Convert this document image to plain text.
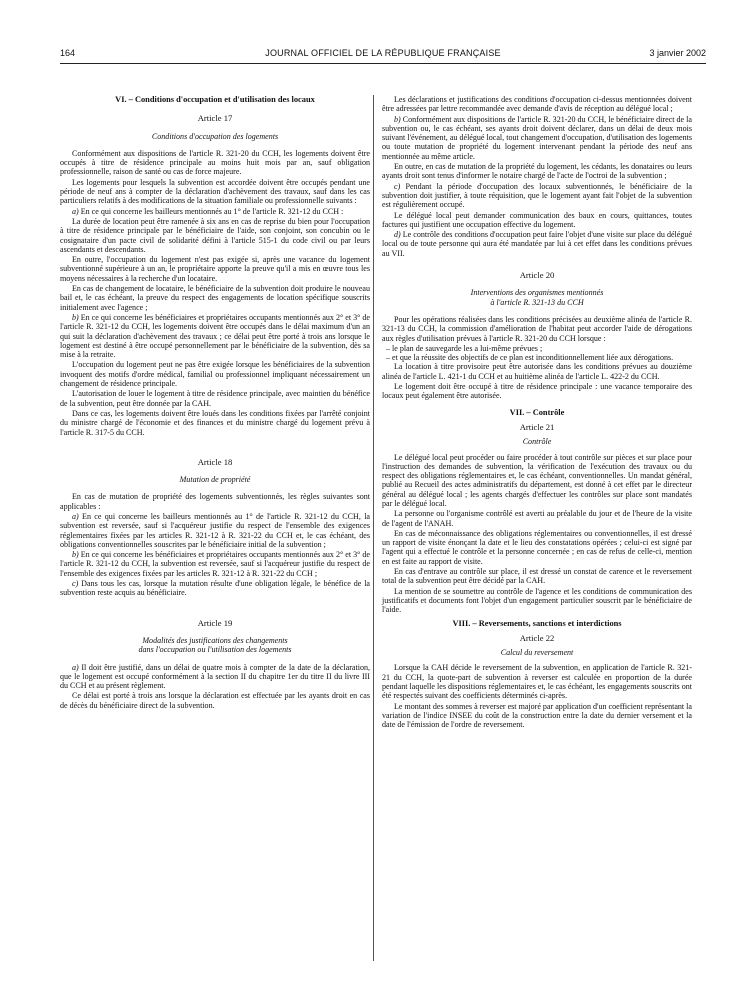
164	JOURNAL OFFICIEL DE LA RÉPUBLIQUE FRANÇAISE	3 janvier 2002
VI. – Conditions d'occupation et d'utilisation des locaux
Article 17
Conditions d'occupation des logements

Conformément aux dispositions de l'article R. 321-20 du CCH, les logements doivent être occupés à titre de résidence principale au moins huit mois par an, sauf obligation professionnelle, raison de santé ou cas de force majeure.

Les logements pour lesquels la subvention est accordée doivent être occupés pendant une période de neuf ans à compter de la déclaration d'achèvement des travaux, sauf dans les cas particuliers relatifs à des modifications de la situation familiale ou professionnelle suivants :

a) En ce qui concerne les bailleurs mentionnés au 1° de l'article R. 321-12 du CCH :

La durée de location peut être ramenée à six ans en cas de reprise du bien pour l'occupation à titre de résidence principale par le bénéficiaire de l'aide, son conjoint, son concubin ou le cosignataire d'un pacte civil de solidarité défini à l'article 515-1 du code civil ou par leurs ascendants et descendants.

En outre, l'occupation du logement n'est pas exigée si, après une vacance du logement subventionné supérieure à un an, le propriétaire apporte la preuve qu'il a mis en œuvre tous les moyens nécessaires à la recherche d'un locataire.

En cas de changement de locataire, le bénéficiaire de la subvention doit produire le nouveau bail et, le cas échéant, la preuve du respect des engagements de location spécifique souscrits initialement avec l'agence ;

b) En ce qui concerne les bénéficiaires et propriétaires occupants mentionnés aux 2° et 3° de l'article R. 321-12 du CCH, les logements doivent être occupés dans le délai maximum d'un an qui suit la déclaration d'achèvement des travaux ; ce délai peut être porté à trois ans lorsque le logement est destiné à être occupé personnellement par le bénéficiaire de la subvention, dès sa mise à la retraite.

L'occupation du logement peut ne pas être exigée lorsque les bénéficiaires de la subvention invoquent des motifs d'ordre médical, familial ou professionnel impliquant nécessairement un changement de résidence principale.

L'autorisation de louer le logement à titre de résidence principale, avec maintien du bénéfice de la subvention, peut être donnée par la CAH.

Dans ce cas, les logements doivent être loués dans les conditions fixées par l'arrêté conjoint du ministre chargé de l'économie et des finances et du ministre chargé du logement prévu à l'article R. 317-5 du CCH.

Article 18
Mutation de propriété

En cas de mutation de propriété des logements subventionnés, les règles suivantes sont applicables :

a) En ce qui concerne les bailleurs mentionnés au 1° de l'article R. 321-12 du CCH, la subvention est reversée, sauf si l'acquéreur justifie du respect de l'ensemble des exigences réglementaires fixées par les articles R. 321-12 à R. 321-22 du CCH et, le cas échéant, des obligations conventionnelles souscrites par le bénéficiaire initial de la subvention ;

b) En ce qui concerne les bénéficiaires et propriétaires occupants mentionnés aux 2° et 3° de l'article R. 321-12 du CCH, la subvention est reversée, sauf si l'acquéreur justifie du respect de l'ensemble des exigences fixées par les articles R. 321-12 à R. 321-22 du CCH ;

c) Dans tous les cas, lorsque la mutation résulte d'une obligation légale, le bénéfice de la subvention reste acquis au bénéficiaire.

Article 19
Modalités des justifications des changements
dans l'occupation ou l'utilisation des logements

a) Il doit être justifié, dans un délai de quatre mois à compter de la date de la déclaration, que le logement est occupé conformément à la section II du chapitre 1er du titre II du livre III du CCH et au présent règlement.

Ce délai est porté à trois ans lorsque la déclaration est effectuée par les ayants droit en cas de décès du bénéficiaire direct de la subvention.

Les déclarations et justifications des conditions d'occupation ci-dessus mentionnées doivent être adressées par lettre recommandée avec demande d'avis de réception au délégué local ;

b) Conformément aux dispositions de l'article R. 321-20 du CCH, le bénéficiaire direct de la subvention ou, le cas échéant, ses ayants droit doivent déclarer, dans un délai de deux mois suivant l'événement, au délégué local, tout changement d'occupation, d'utilisation des logements ou toute mutation de propriété du logement intervenant pendant la période des neuf ans mentionnée au même article.

En outre, en cas de mutation de la propriété du logement, les cédants, les donataires ou leurs ayants droit sont tenus d'informer le notaire chargé de l'acte de l'octroi de la subvention ;

c) Pendant la période d'occupation des locaux subventionnés, le bénéficiaire de la subvention doit justifier, à toute réquisition, que le logement ayant fait l'objet de la subvention est régulièrement occupé.

Le délégué local peut demander communication des baux en cours, quittances, toutes factures qui justifient une occupation effective du logement.

d) Le contrôle des conditions d'occupation peut faire l'objet d'une visite sur place du délégué local ou de toute personne qui aura été mandatée par lui à cet effet dans les conditions prévues au VII.

Article 20
Interventions des organismes mentionnés
à l'article R. 321-13 du CCH

Pour les opérations réalisées dans les conditions précisées au deuxième alinéa de l'article R. 321-13 du CCH, la commission d'amélioration de l'habitat peut accorder l'aide de dérogations aux règles d'utilisation prévues à l'article R. 321-20 du CCH lorsque :

– le plan de sauvegarde les a lui-même prévues ;

– et que la réussite des objectifs de ce plan est inconditionnellement liée aux dérogations.

La location à titre provisoire peut être autorisée dans les conditions prévues au douzième alinéa de l'article L. 421-1 du CCH et au huitième alinéa de l'article L. 422-2 du CCH.

Le logement doit être occupé à titre de résidence principale : une vacance temporaire des locaux peut également être autorisée.

VII. – Contrôle
Article 21
Contrôle

Le délégué local peut procéder ou faire procéder à tout contrôle sur pièces et sur place pour l'instruction des demandes de subvention, la vérification de l'exécution des travaux ou du respect des obligations réglementaires et, le cas échéant, conventionnelles. Un mandat général, publié au Recueil des actes administratifs du département, est donné à cet effet par le directeur général au délégué local ; les agents chargés d'effectuer les contrôles sur place sont mandatés par le délégué local.

La personne ou l'organisme contrôlé est averti au préalable du jour et de l'heure de la visite de l'agent de l'ANAH.

En cas de méconnaissance des obligations réglementaires ou conventionnelles, il est dressé un rapport de visite énonçant la date et le lieu des constatations opérées ; celui-ci est signé par l'agent qui a effectué le contrôle et la personne concernée ; en cas de refus de celle-ci, mention en est faite au rapport de visite.

En cas d'entrave au contrôle sur place, il est dressé un constat de carence et le reversement total de la subvention peut être décidé par la CAH.

La mention de se soumettre au contrôle de l'agence et les conditions de communication des justificatifs et documents font l'objet d'un engagement particulier souscrit par le bénéficiaire de l'aide.

VIII. – Reversements, sanctions et interdictions
Article 22
Calcul du reversement

Lorsque la CAH décide le reversement de la subvention, en application de l'article R. 321-21 du CCH, la quote-part de subvention à reverser est calculée en proportion de la durée pendant laquelle les dispositions réglementaires et, le cas échéant, les engagements souscrits ont été respectés suivant des coefficients déterminés ci-après.

Le montant des sommes à reverser est majoré par application d'un coefficient représentant la variation de l'indice INSEE du coût de la construction entre la date du dernier versement et la date de l'émission de l'ordre de reversement.
